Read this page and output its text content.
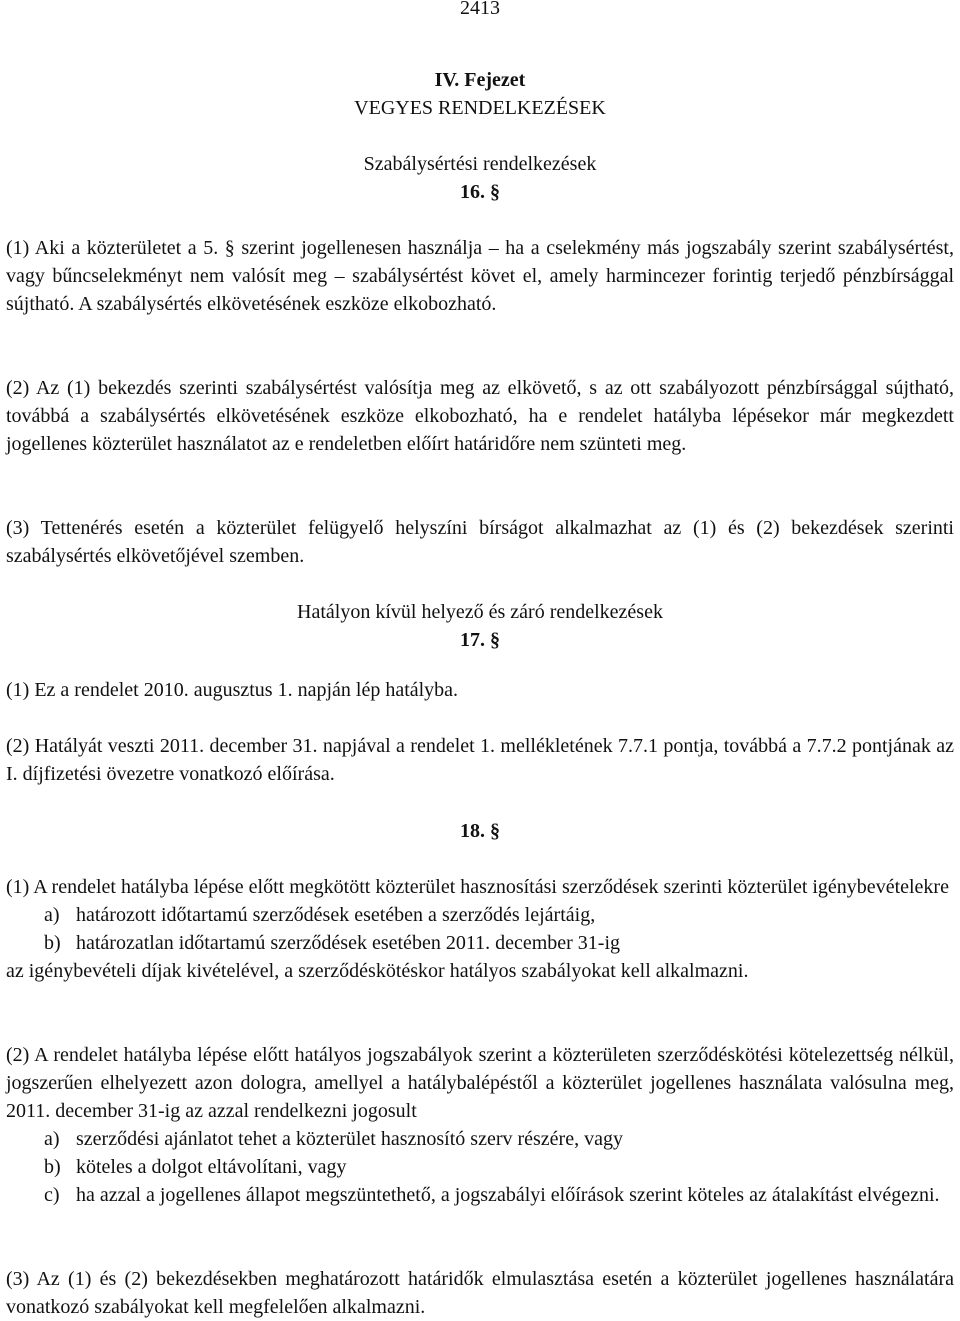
2413
IV. Fejezet
VEGYES RENDELKEZÉSEK
Szabálysértési rendelkezések
16. §

(1) Aki a közterületet a 5. § szerint jogellenesen használja – ha a cselekmény más jogszabály szerint szabálysértést, vagy bűncselekményt nem valósít meg – szabálysértést követ el, amely harmincezer forintig terjedő pénzbírsággal sújtható. A szabálysértés elkövetésének eszköze elkobozható.

(2) Az (1) bekezdés szerinti szabálysértést valósítja meg az elkövető, s az ott szabályozott pénzbírsággal sújtható, továbbá a szabálysértés elkövetésének eszköze elkobozható, ha e rendelet hatályba lépésekor már megkezdett jogellenes közterület használatot az e rendeletben előírt határidőre nem szünteti meg.

(3) Tettenérés esetén a közterület felügyelő helyszíni bírságot alkalmazhat az (1) és (2) bekezdések szerinti szabálysértés elkövetőjével szemben.

Hatályon kívül helyező és záró rendelkezések
17. §

(1) Ez a rendelet 2010. augusztus 1. napján lép hatályba.

(2) Hatályát veszti 2011. december 31. napjával a rendelet 1. mellékletének 7.7.1 pontja, továbbá a 7.7.2 pontjának az I. díjfizetési övezetre vonatkozó előírása.

18. §

(1) A rendelet hatályba lépése előtt megkötött közterület hasznosítási szerződések szerinti közterület igénybevételekre

a) határozott időtartamú szerződések esetében a szerződés lejártáig,
b) határozatlan időtartamú szerződések esetében 2011. december 31-ig

az igénybevételi díjak kivételével, a szerződéskötéskor hatályos szabályokat kell alkalmazni.

(2) A rendelet hatályba lépése előtt hatályos jogszabályok szerint a közterületen szerződéskötési kötelezettség nélkül, jogszerűen elhelyezett azon dologra, amellyel a hatálybalépéstől a közterület jogellenes használata valósulna meg, 2011. december 31-ig az azzal rendelkezni jogosult

a) szerződési ajánlatot tehet a közterület hasznosító szerv részére, vagy
b) köteles a dolgot eltávolítani, vagy
c) ha azzal a jogellenes állapot megszüntethető, a jogszabályi előírások szerint köteles az átalakítást elvégezni.

(3) Az (1) és (2) bekezdésekben meghatározott határidők elmulasztása esetén a közterület jogellenes használatára vonatkozó szabályokat kell megfelelően alkalmazni.
